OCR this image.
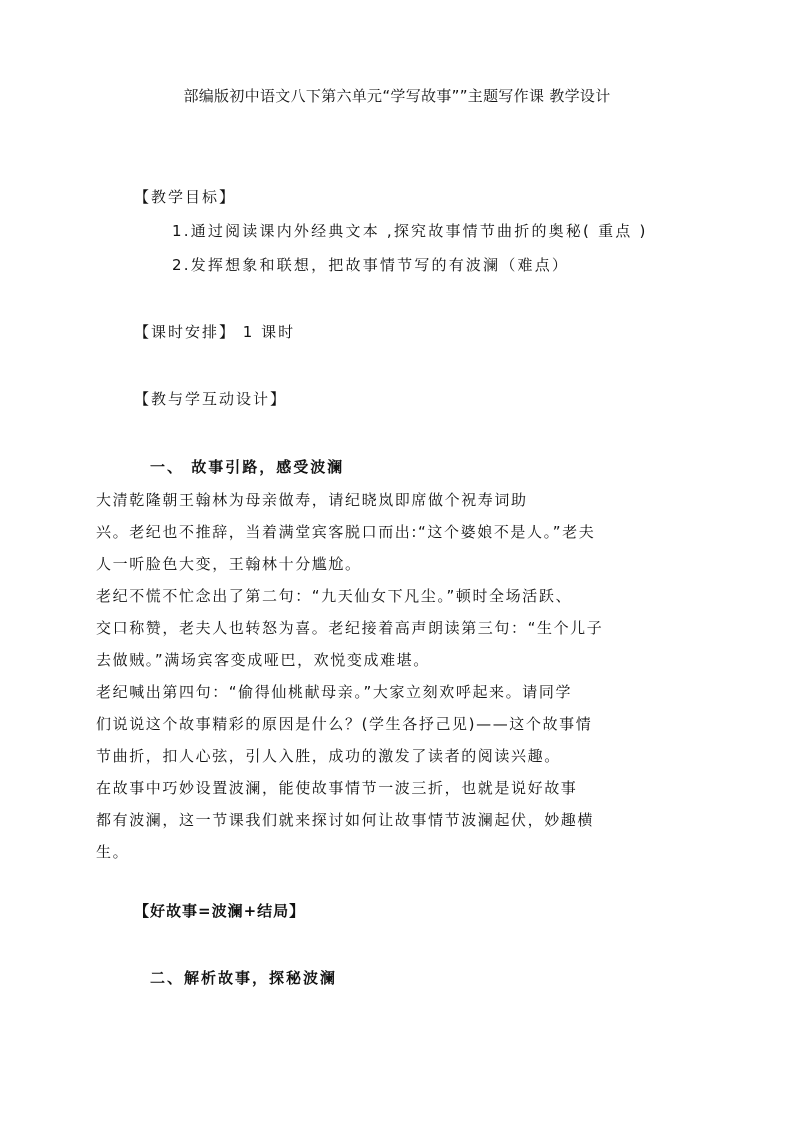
部编版初中语文八下第六单元“学写故事””主题写作课 教学设计
【教学目标】
1.通过阅读课内外经典文本 ,探究故事情节曲折的奥秘( 重点 )
2.发挥想象和联想，把故事情节写的有波澜（难点）
【课时安排】 1 课时
【教与学互动设计】
一、 故事引路，感受波澜
大清乾隆朝王翰林为母亲做寿，请纪晓岚即席做个祝寿词助
兴。老纪也不推辞，当着满堂宾客脱口而出:“这个婆娘不是人。”老夫
人一听脸色大变，王翰林十分尴尬。
老纪不慌不忙念出了第二句：“九天仙女下凡尘。”顿时全场活跃、
交口称赞，老夫人也转怒为喜。老纪接着高声朗读第三句：“生个儿子
去做贼。”满场宾客变成哑巴，欢悦变成难堪。
老纪喊出第四句：“偷得仙桃献母亲。”大家立刻欢呼起来。请同学
们说说这个故事精彩的原因是什么？(学生各抒己见)——这个故事情
节曲折，扣人心弦，引人入胜，成功的激发了读者的阅读兴趣。
在故事中巧妙设置波澜，能使故事情节一波三折，也就是说好故事
都有波澜，这一节课我们就来探讨如何让故事情节波澜起伏，妙趣横
生。
【好故事=波澜+结局】
二、解析故事，探秘波澜
